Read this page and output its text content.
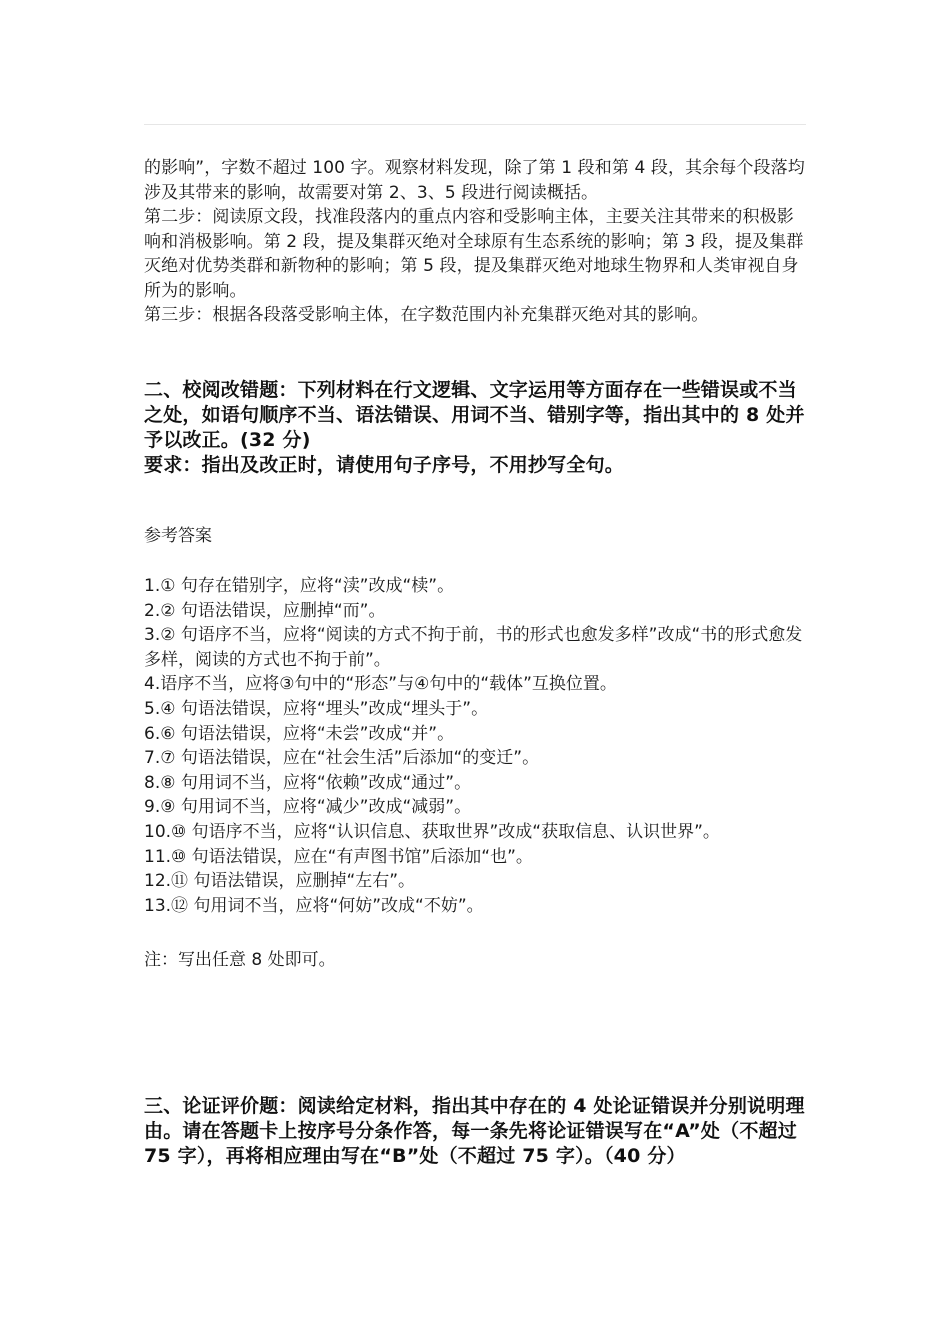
的影响”，字数不超过 100 字。观察材料发现，除了第 1 段和第 4 段，其余每个段落均涉及其带来的影响，故需要对第 2、3、5 段进行阅读概括。

第二步：阅读原文段，找准段落内的重点内容和受影响主体，主要关注其带来的积极影响和消极影响。第 2 段，提及集群灭绝对全球原有生态系统的影响；第 3 段，提及集群灭绝对优势类群和新物种的影响；第 5 段，提及集群灭绝对地球生物界和人类审视自身所为的影响。

第三步：根据各段落受影响主体，在字数范围内补充集群灭绝对其的影响。

二、校阅改错题：下列材料在行文逻辑、文字运用等方面存在一些错误或不当之处，如语句顺序不当、语法错误、用词不当、错别字等，指出其中的 8 处并予以改正。(32 分)

要求：指出及改正时，请使用句子序号，不用抄写全句。

参考答案
1.① 句存在错别字，应将“渎”改成“椟”。
2.② 句语法错误，应删掉“而”。
3.② 句语序不当，应将“阅读的方式不拘于前，书的形式也愈发多样”改成“书的形式愈发多样，阅读的方式也不拘于前”。
4.语序不当，应将③句中的“形态”与④句中的“载体”互换位置。
5.④ 句语法错误，应将“埋头”改成“埋头于”。
6.⑥ 句语法错误，应将“未尝”改成“并”。
7.⑦ 句语法错误，应在“社会生活”后添加“的变迁”。
8.⑧ 句用词不当，应将“依赖”改成“通过”。
9.⑨ 句用词不当，应将“减少”改成“减弱”。
10.⑩ 句语序不当，应将“认识信息、获取世界”改成“获取信息、认识世界”。
11.⑩ 句语法错误，应在“有声图书馆”后添加“也”。
12.⑪ 句语法错误，应删掉“左右”。
13.⑫ 句用词不当，应将“何妨”改成“不妨”。
注：写出任意 8 处即可。

三、论证评价题：阅读给定材料，指出其中存在的 4 处论证错误并分别说明理由。请在答题卡上按序号分条作答，每一条先将论证错误写在“A”处（不超过 75 字），再将相应理由写在“B”处（不超过 75 字）。（40 分）
